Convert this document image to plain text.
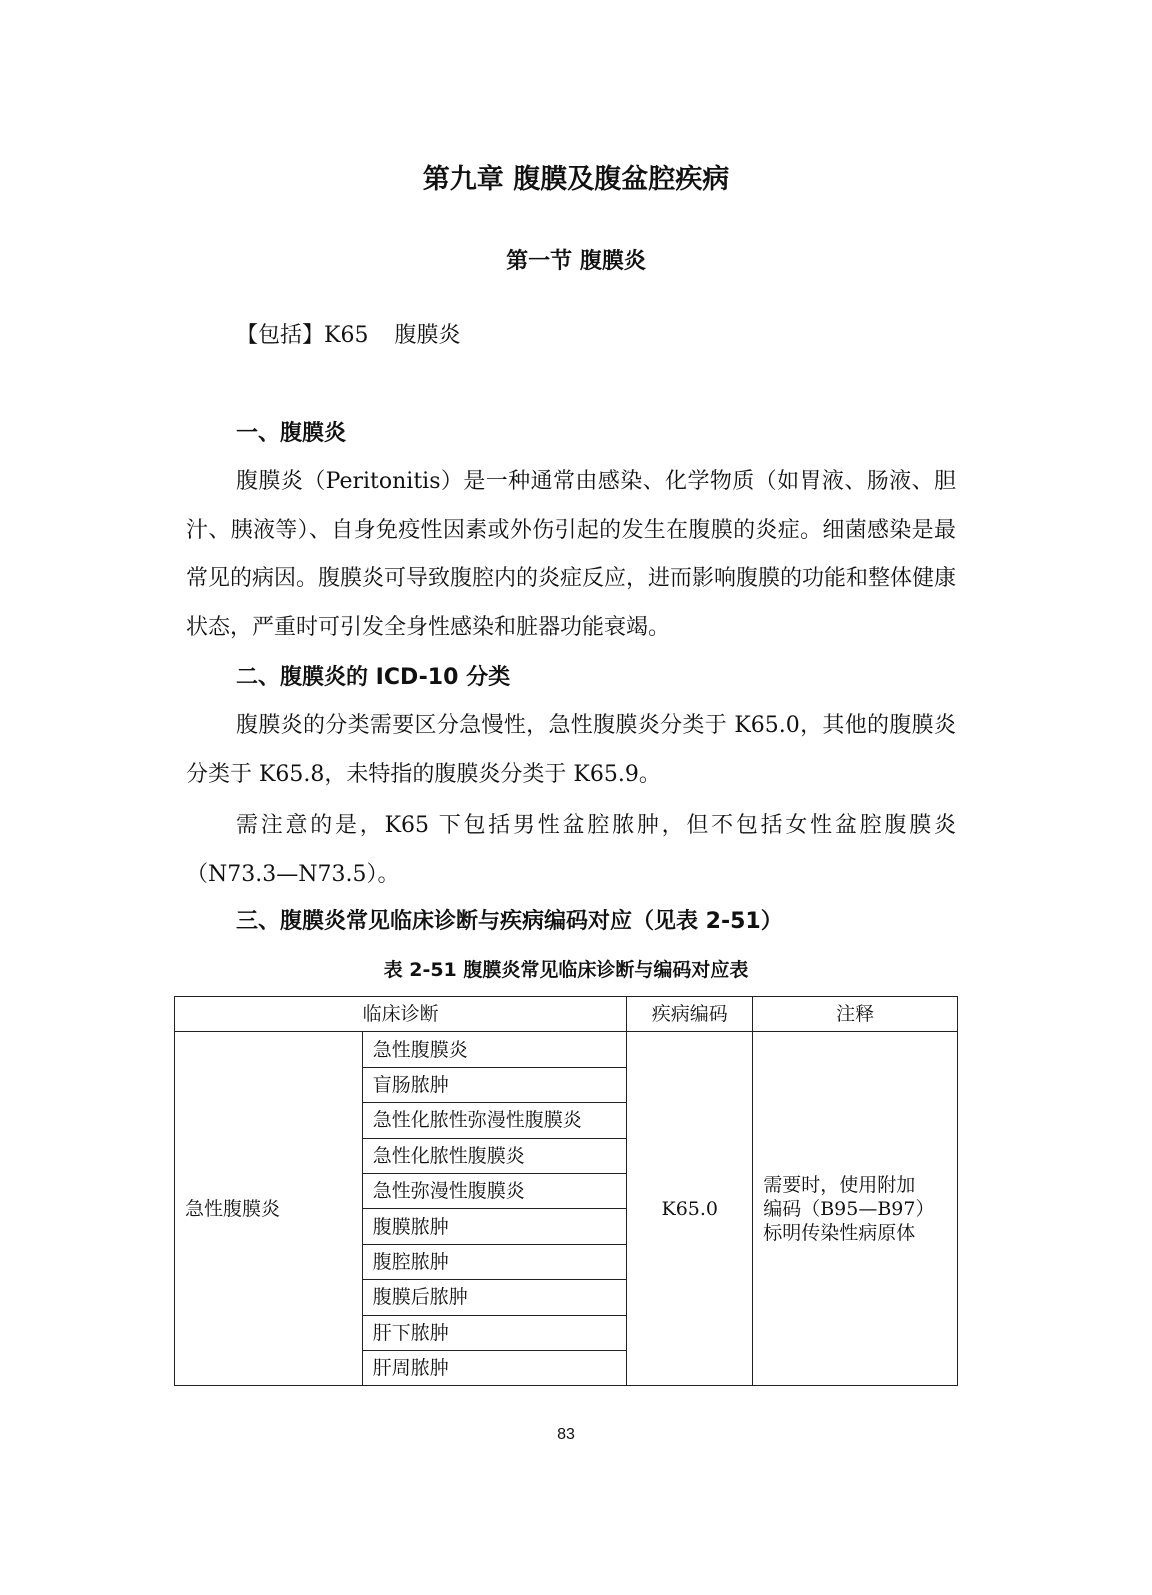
第九章 腹膜及腹盆腔疾病
第一节 腹膜炎
【包括】K65 腹膜炎
一、腹膜炎

腹膜炎（Peritonitis）是一种通常由感染、化学物质（如胃液、肠液、胆汁、胰液等）、自身免疫性因素或外伤引起的发生在腹膜的炎症。细菌感染是最常见的病因。腹膜炎可导致腹腔内的炎症反应，进而影响腹膜的功能和整体健康状态，严重时可引发全身性感染和脏器功能衰竭。

二、腹膜炎的 ICD-10 分类

腹膜炎的分类需要区分急慢性，急性腹膜炎分类于 K65.0，其他的腹膜炎分类于 K65.8，未特指的腹膜炎分类于 K65.9。

需注意的是，K65 下包括男性盆腔脓肿，但不包括女性盆腔腹膜炎（N73.3—N73.5）。

三、腹膜炎常见临床诊断与疾病编码对应（见表 2-51）
表 2-51 腹膜炎常见临床诊断与编码对应表
临床诊断		疾病编码	注释
急性腹膜炎	急性腹膜炎	K65.0	需要时，使用附加
编码（B95—B97）
标明传染性病原体

	盲肠脓肿		
	急性化脓性弥漫性腹膜炎		
	急性化脓性腹膜炎		
	急性弥漫性腹膜炎		
	腹膜脓肿		
	腹腔脓肿		
	腹膜后脓肿		
	肝下脓肿		
	肝周脓肿		
83
